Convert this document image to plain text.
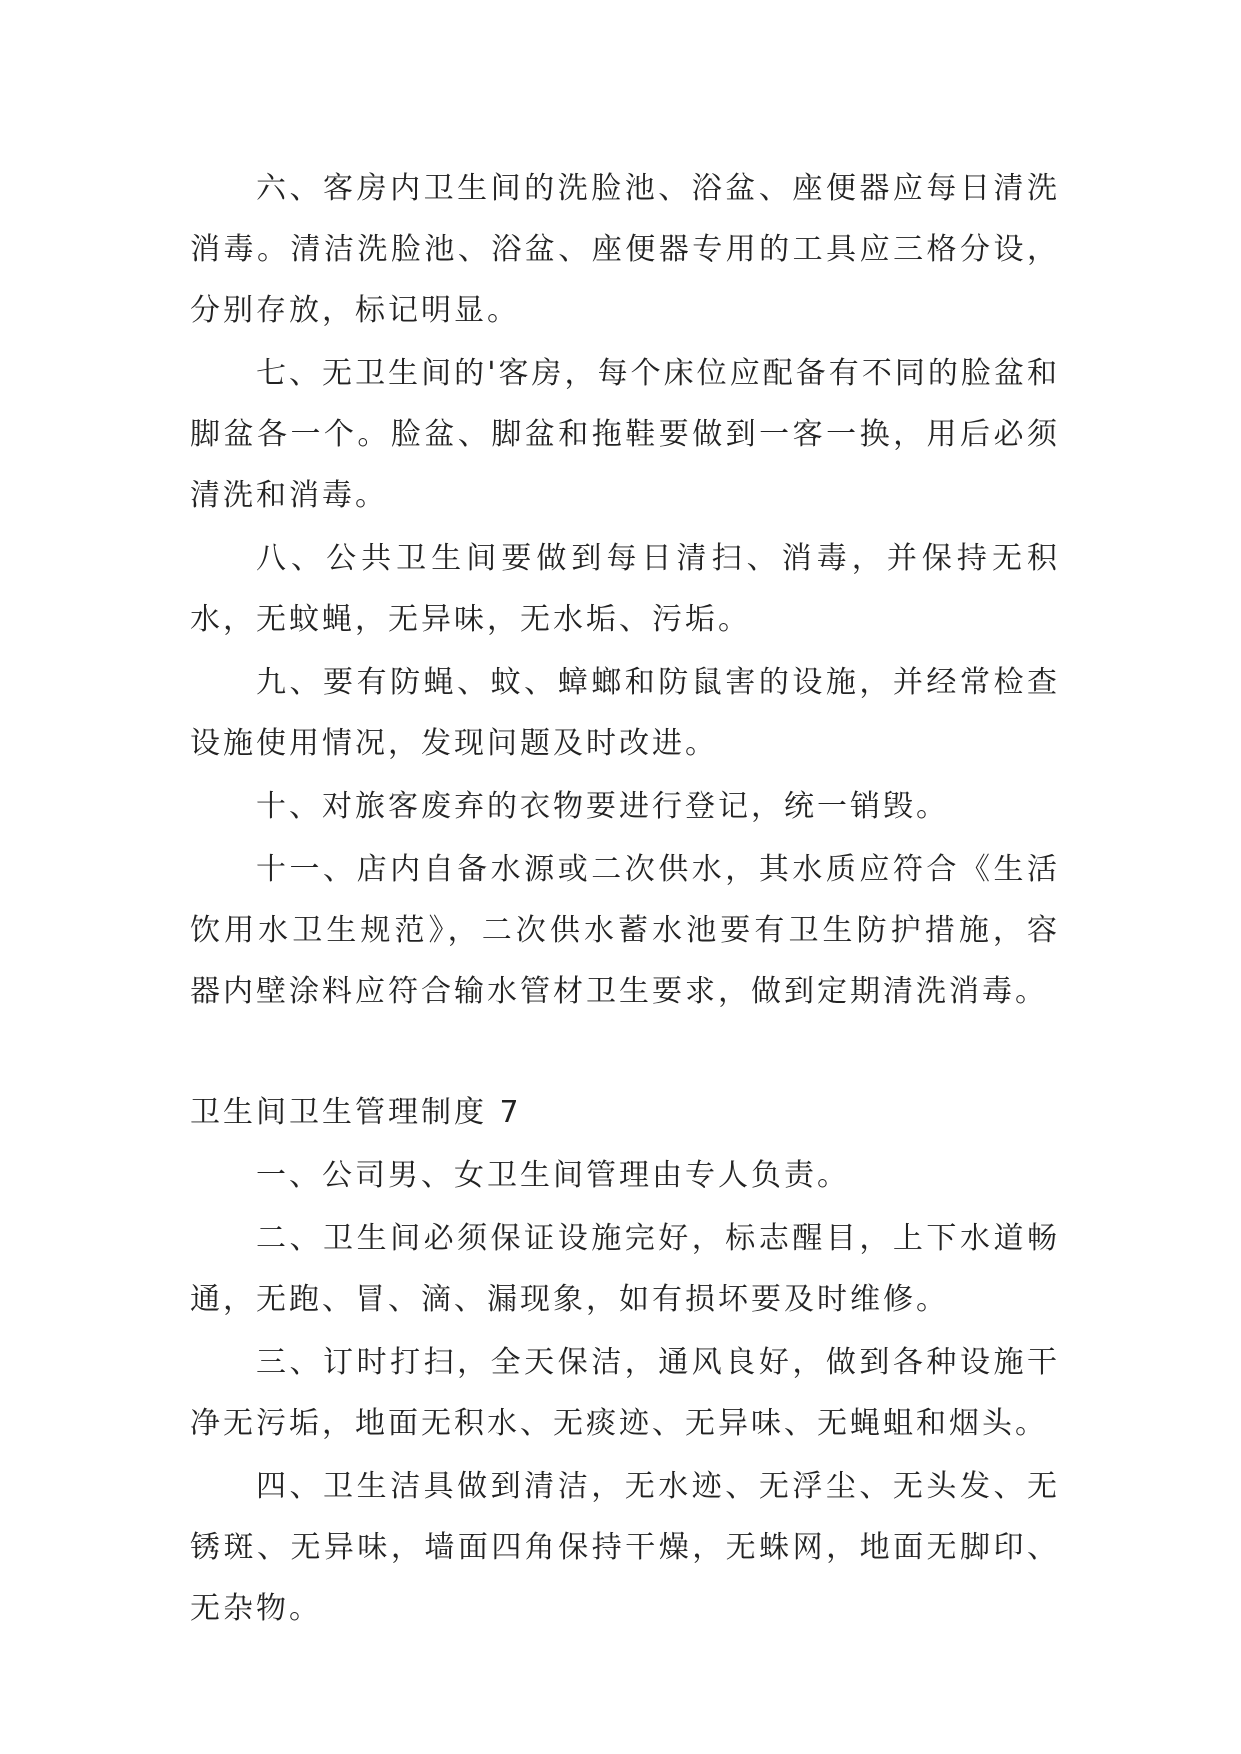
六、客房内卫生间的洗脸池、浴盆、座便器应每日清洗消毒。清洁洗脸池、浴盆、座便器专用的工具应三格分设，分别存放，标记明显。

七、无卫生间的'客房，每个床位应配备有不同的脸盆和脚盆各一个。脸盆、脚盆和拖鞋要做到一客一换，用后必须清洗和消毒。

八、公共卫生间要做到每日清扫、消毒，并保持无积水，无蚊蝇，无异味，无水垢、污垢。

九、要有防蝇、蚊、蟑螂和防鼠害的设施，并经常检查设施使用情况，发现问题及时改进。

十、对旅客废弃的衣物要进行登记，统一销毁。

十一、店内自备水源或二次供水，其水质应符合《生活饮用水卫生规范》，二次供水蓄水池要有卫生防护措施，容器内壁涂料应符合输水管材卫生要求，做到定期清洗消毒。

卫生间卫生管理制度 7

一、公司男、女卫生间管理由专人负责。

二、卫生间必须保证设施完好，标志醒目，上下水道畅通，无跑、冒、滴、漏现象，如有损坏要及时维修。

三、订时打扫，全天保洁，通风良好，做到各种设施干净无污垢，地面无积水、无痰迹、无异味、无蝇蛆和烟头。

四、卫生洁具做到清洁，无水迹、无浮尘、无头发、无锈斑、无异味，墙面四角保持干燥，无蛛网，地面无脚印、无杂物。
